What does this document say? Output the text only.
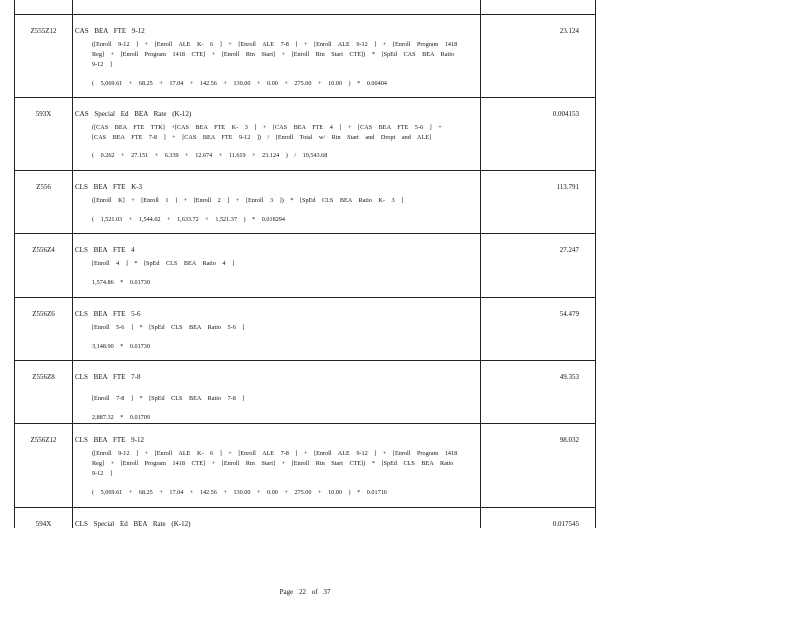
Z555Z12	CAS BEA FTE 9-12	23.124
([Enroll 9-12 ] + [Enroll ALE K- 6 ] + [Enroll ALE 7-8 ] + [Enroll ALE 9-12 ] + [Enroll Program 1418 Reg] + [Enroll Program 1418 CTE] + [Enroll Rtn Start] + [Enroll Rtn Start CTE]) * [SpEd CAS BEA Ratio 9-12 ]
( 5,069.61 + 68.25 + 17.04 + 142.56 + 130.00 + 0.00 + 275.00 + 10.00 ) * 0.00404
593X	CAS Special Ed BEA Rate (K-12)	0.004153
([CAS BEA FTE TTK] +[CAS BEA FTE K- 3 ] + [CAS BEA FTE 4 ] + [CAS BEA FTE 5-6 ] + [CAS BEA FTE 7-8 ] + [CAS BEA FTE 9-12 ]) / [Enroll Total w/ Rtn Start and Dropt and ALE]
( 0.262 + 27.151 + 6.339 + 12.674 + 11.619 + 23.124 ) / 19,543.68
Z556	CLS BEA FTE K-3	113.791
([Enroll K] + [Enroll 1 ] + [Enroll 2 ] + [Enroll 3 ]) * [SpEd CLS BEA Ratio K- 3 ]
( 1,521.03 + 1,544.02 + 1,633.72 + 1,521.37 ) * 0.018294
Z556Z4	CLS BEA FTE 4	27.247
[Enroll 4 ] * [SpEd CLS BEA Ratio 4 ]
1,574.86 * 0.01730
Z556Z6	CLS BEA FTE 5-6	54.479
[Enroll 5-6 ] * [SpEd CLS BEA Ratio 5-6 ]
3,148.90 * 0.01730
Z556Z8	CLS BEA FTE 7-8	49.353
[Enroll 7-8 ] * [SpEd CLS BEA Ratio 7-8 ]
2,887.32 * 0.01709
Z556Z12	CLS BEA FTE 9-12	98.032
([Enroll 9-12 ] + [Enroll ALE K- 6 ] + [Enroll ALE 7-8 ] + [Enroll ALE 9-12 ] + [Enroll Program 1418 Reg] + [Enroll Program 1418 CTE] + [Enroll Rtn Start] + [Enroll Rtn Start CTE]) * [SpEd CLS BEA Ratio 9-12 ]
( 5,069.61 + 68.25 + 17.04 + 142.56 + 130.00 + 0.00 + 275.00 + 10.00 ) * 0.01716
594X	CLS Special Ed BEA Rate (K-12)	0.017545
Page 22 of 37
